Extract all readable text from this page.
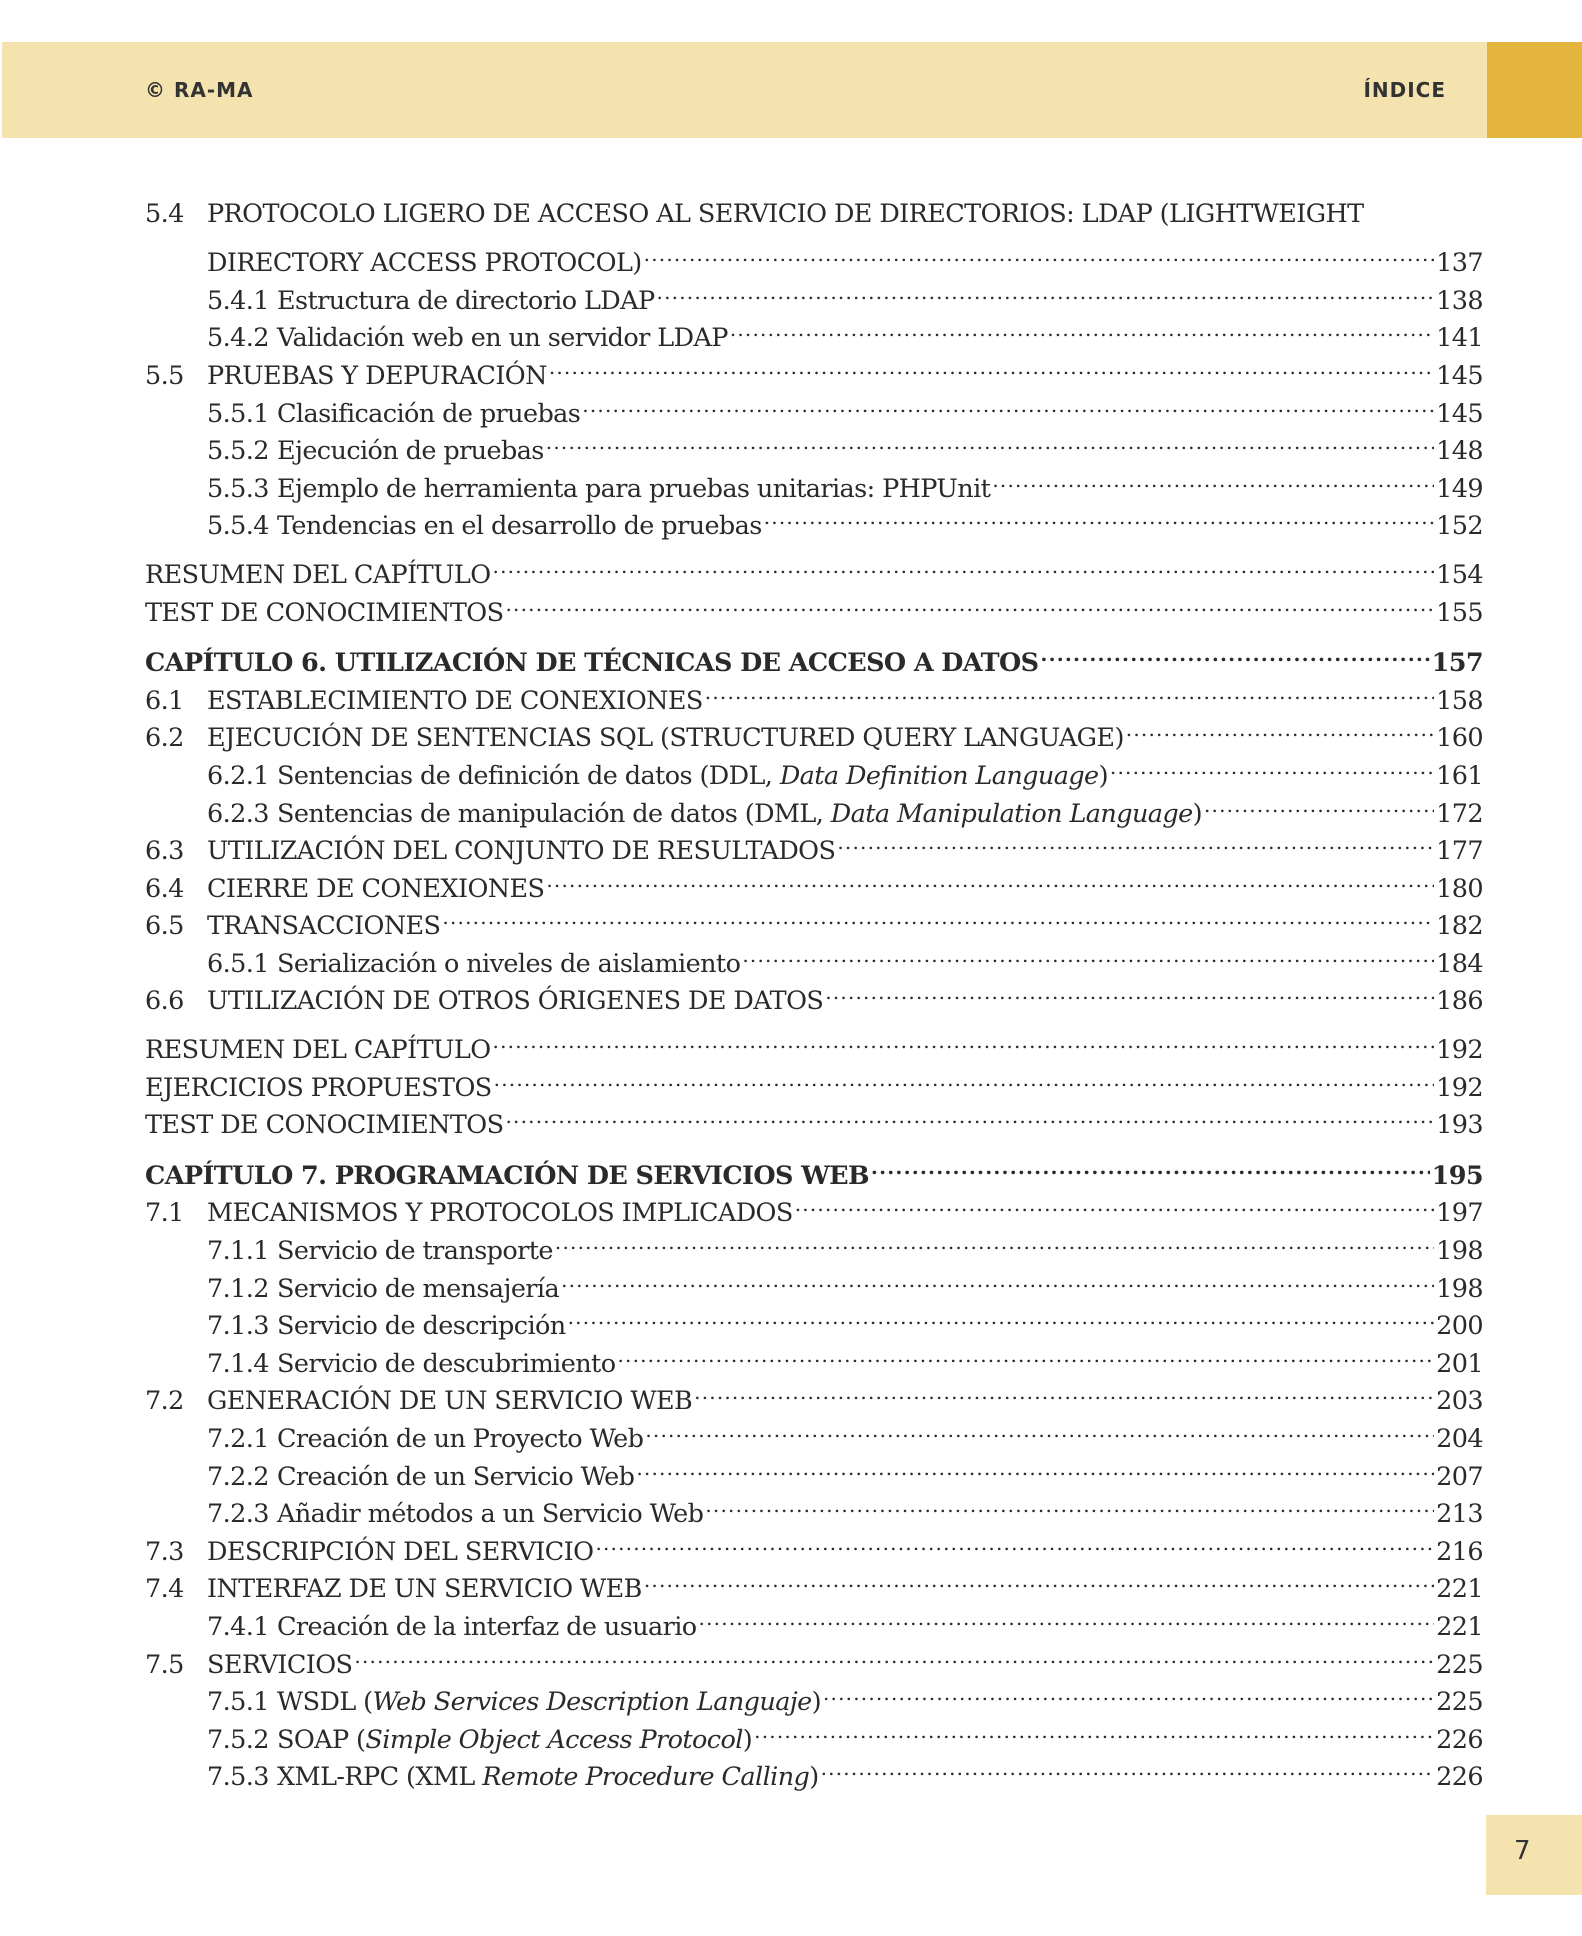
© RA-MA	ÍNDICE
5.4 PROTOCOLO LIGERO DE ACCESO AL SERVICIO DE DIRECTORIOS: LDAP (LIGHTWEIGHT
DIRECTORY ACCESS PROTOCOL) .....	137
5.4.1 Estructura de directorio LDAP .....	138
5.4.2 Validación web en un servidor LDAP .....	141
5.5 PRUEBAS Y DEPURACIÓN .....	145
5.5.1 Clasificación de pruebas .....	145
5.5.2 Ejecución de pruebas .....	148
5.5.3 Ejemplo de herramienta para pruebas unitarias: PHPUnit .....	149
5.5.4 Tendencias en el desarrollo de pruebas .....	152
RESUMEN DEL CAPÍTULO .....	154
TEST DE CONOCIMIENTOS .....	155
CAPÍTULO 6. UTILIZACIÓN DE TÉCNICAS DE ACCESO A DATOS .....	157
6.1 ESTABLECIMIENTO DE CONEXIONES .....	158
6.2 EJECUCIÓN DE SENTENCIAS SQL (STRUCTURED QUERY LANGUAGE) .....	160
6.2.1 Sentencias de definición de datos (DDL, Data Definition Language) .....	161
6.2.3 Sentencias de manipulación de datos (DML, Data Manipulation Language) .....	172
6.3 UTILIZACIÓN DEL CONJUNTO DE RESULTADOS .....	177
6.4 CIERRE DE CONEXIONES .....	180
6.5 TRANSACCIONES .....	182
6.5.1 Serialización o niveles de aislamiento .....	184
6.6 UTILIZACIÓN DE OTROS ÓRIGENES DE DATOS .....	186
RESUMEN DEL CAPÍTULO .....	192
EJERCICIOS PROPUESTOS .....	192
TEST DE CONOCIMIENTOS .....	193
CAPÍTULO 7. PROGRAMACIÓN DE SERVICIOS WEB .....	195
7.1 MECANISMOS Y PROTOCOLOS IMPLICADOS .....	197
7.1.1 Servicio de transporte .....	198
7.1.2 Servicio de mensajería .....	198
7.1.3 Servicio de descripción .....	200
7.1.4 Servicio de descubrimiento .....	201
7.2 GENERACIÓN DE UN SERVICIO WEB .....	203
7.2.1 Creación de un Proyecto Web .....	204
7.2.2 Creación de un Servicio Web .....	207
7.2.3 Añadir métodos a un Servicio Web .....	213
7.3 DESCRIPCIÓN DEL SERVICIO .....	216
7.4 INTERFAZ DE UN SERVICIO WEB .....	221
7.4.1 Creación de la interfaz de usuario .....	221
7.5 SERVICIOS .....	225
7.5.1 WSDL (Web Services Description Languaje) .....	225
7.5.2 SOAP (Simple Object Access Protocol) .....	226
7.5.3 XML-RPC (XML Remote Procedure Calling) .....	226
7
